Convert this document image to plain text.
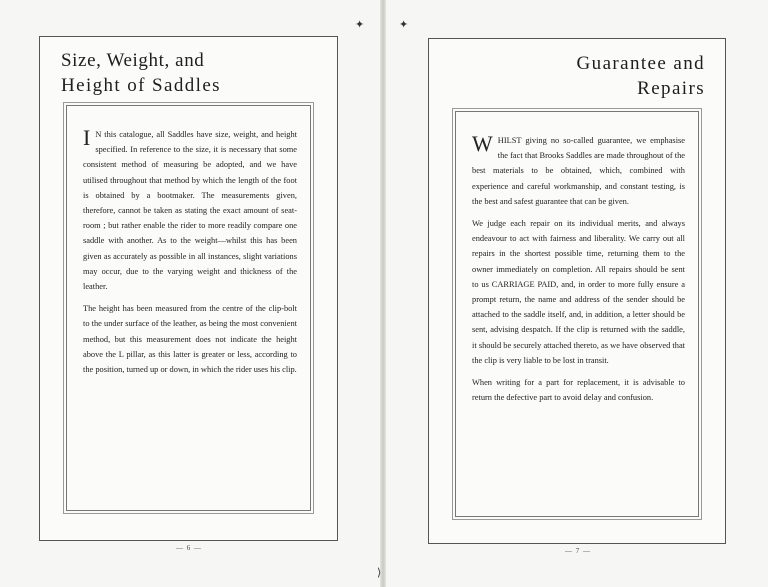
✦	✦
⟩
Size, Weight, and
Height of Saddles

I N this catalogue, all Saddles have size, weight, and height specified. In reference to the size, it is necessary that some consistent method of measuring be adopted, and we have utilised throughout that method by which the length of the foot is obtained by a bootmaker. The measurements given, therefore, cannot be taken as stating the exact amount of seat-room ; but rather enable the rider to more readily compare one saddle with another. As to the weight—whilst this has been given as accurately as possible in all instances, slight variations may occur, due to the varying weight and thickness of the leather.

The height has been measured from the centre of the clip-bolt to the under surface of the leather, as being the most convenient method, but this measurement does not indicate the height above the L pillar, as this latter is greater or less, according to the position, turned up or down, in which the rider uses his clip.

— 6 —
Guarantee and
Repairs

WHILST giving no so-called guarantee, we emphasise the fact that Brooks Saddles are made throughout of the best materials to be obtained, which, combined with experience and careful workmanship, and constant testing, is the best and safest guarantee that can be given.

We judge each repair on its individual merits, and always endeavour to act with fairness and liberality. We carry out all repairs in the shortest possible time, returning them to the owner immediately on completion. All repairs should be sent to us CARRIAGE PAID, and, in order to more fully ensure a prompt return, the name and address of the sender should be attached to the saddle itself, and, in addition, a letter should be sent, advising despatch. If the clip is returned with the saddle, it should be securely attached thereto, as we have observed that the clip is very liable to be lost in transit.

When writing for a part for replacement, it is advisable to return the defective part to avoid delay and confusion.

— 7 —
